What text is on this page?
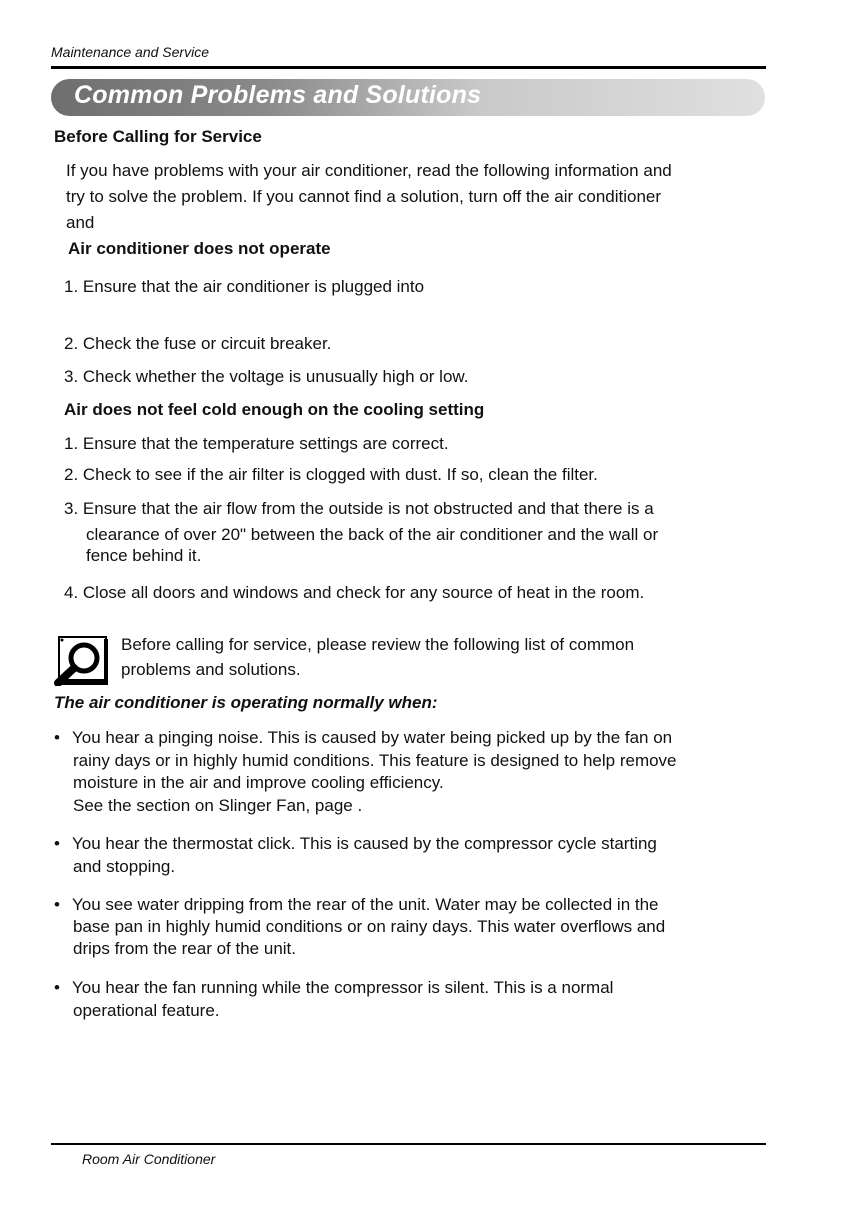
Maintenance and Service
Common Problems and Solutions
Before Calling for Service
If you have problems with your air conditioner, read the following information and
try to solve the problem. If you cannot find a solution, turn off the air conditioner
and
Air conditioner does not operate
1. Ensure that the air conditioner is plugged into
2. Check the fuse or circuit breaker.
3. Check whether the voltage is unusually high or low.
Air does not feel cold enough on the cooling setting
1. Ensure that the temperature settings are correct.
2. Check to see if the air filter is clogged with dust. If so, clean the filter.
3. Ensure that the air flow from the outside is not obstructed and that there is a
clearance of over 20" between the back of the air conditioner and the wall or
fence behind it.
4. Close all doors and windows and check for any source of heat in the room.
Before calling for service, please review the following list of common
problems and solutions.
The air conditioner is operating normally when:
• You hear a pinging noise. This is caused by water being picked up by the fan on
rainy days or in highly humid conditions. This feature is designed to help remove
moisture in the air and improve cooling efficiency.
See the section on Slinger Fan, page .
• You hear the thermostat click. This is caused by the compressor cycle starting
and stopping.
• You see water dripping from the rear of the unit. Water may be collected in the
base pan in highly humid conditions or on rainy days. This water overflows and
drips from the rear of the unit.
• You hear the fan running while the compressor is silent. This is a normal
operational feature.
Room Air Conditioner
